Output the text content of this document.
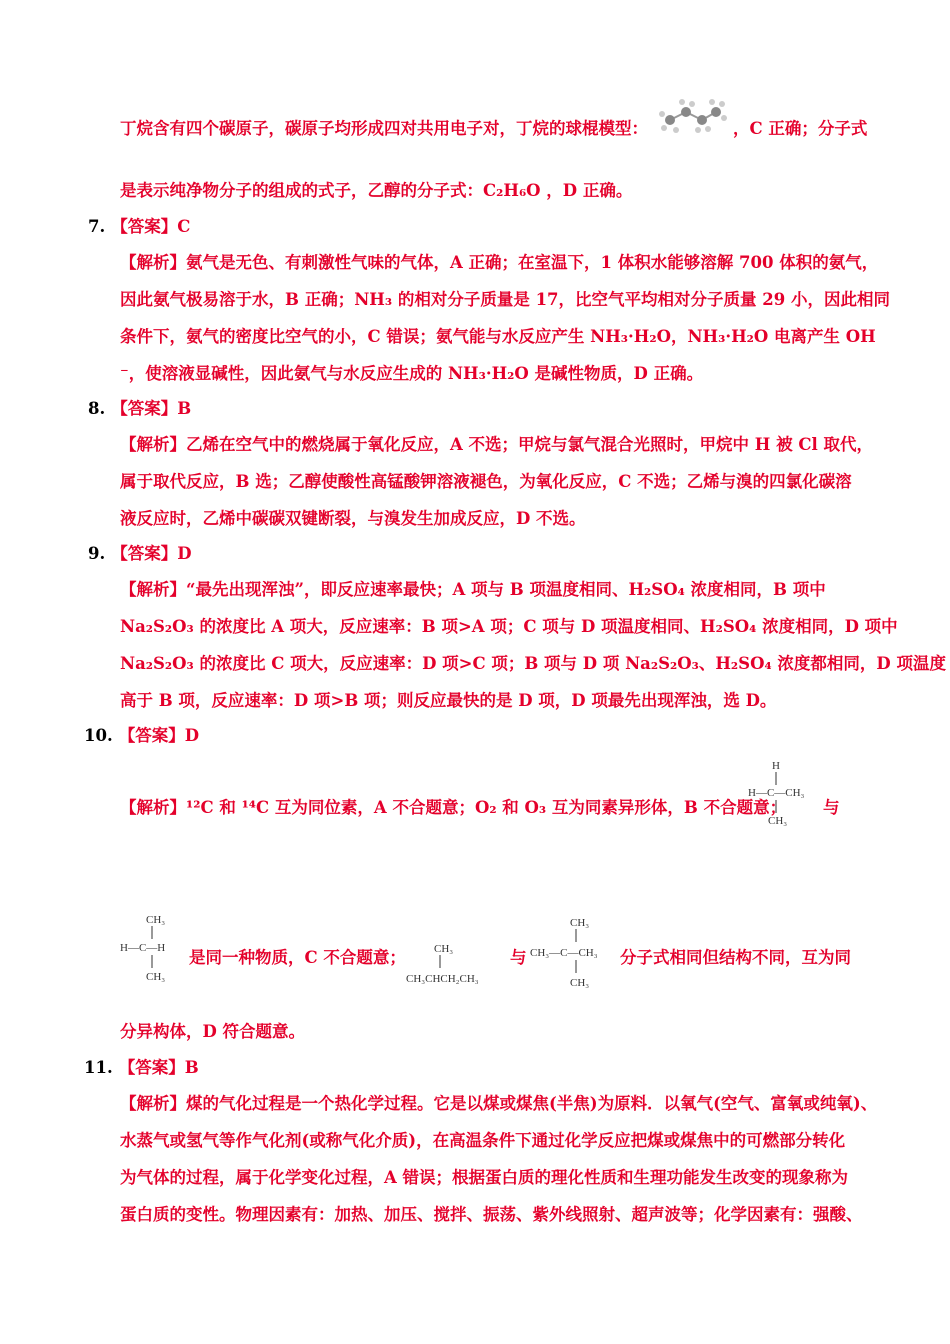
丁烷含有四个碳原子，碳原子均形成四对共用电子对，丁烷的球棍模型：	，C 正确；分子式
是表示纯净物分子的组成的式子，乙醇的分子式：C₂H₆O ，D 正确。
7. 【答案】C
【解析】氨气是无色、有刺激性气味的气体，A 正确；在室温下，1 体积水能够溶解 700 体积的氨气，
因此氨气极易溶于水，B 正确；NH₃ 的相对分子质量是 17，比空气平均相对分子质量 29 小，因此相同
条件下，氨气的密度比空气的小，C 错误；氨气能与水反应产生 NH₃·H₂O，NH₃·H₂O 电离产生 OH
⁻，使溶液显碱性，因此氨气与水反应生成的 NH₃·H₂O 是碱性物质，D 正确。
8. 【答案】B
【解析】乙烯在空气中的燃烧属于氧化反应，A 不选；甲烷与氯气混合光照时，甲烷中 H 被 Cl 取代，
属于取代反应，B 选；乙醇使酸性高锰酸钾溶液褪色，为氧化反应，C 不选；乙烯与溴的四氯化碳溶
液反应时，乙烯中碳碳双键断裂，与溴发生加成反应，D 不选。
9. 【答案】D
【解析】“最先出现浑浊”，即反应速率最快；A 项与 B 项温度相同、H₂SO₄ 浓度相同，B 项中
Na₂S₂O₃ 的浓度比 A 项大，反应速率：B 项>A 项；C 项与 D 项温度相同、H₂SO₄ 浓度相同，D 项中
Na₂S₂O₃ 的浓度比 C 项大，反应速率：D 项>C 项；B 项与 D 项 Na₂S₂O₃、H₂SO₄ 浓度都相同，D 项温度
高于 B 项，反应速率：D 项>B 项；则反应最快的是 D 项，D 项最先出现浑浊，选 D。
10. 【答案】D
【解析】¹²C 和 ¹⁴C 互为同位素，A 不合题意；O₂ 和 O₃ 互为同素异形体，B 不合题意；
H
H—C—CH₃
CH₃
与
CH₃
H—C—H
CH₃
是同一种物质，C 不合题意；	CH₃
CH₃CHCH₂CH₃
与
CH₃
CH₃—C—CH₃
CH₃
分子式相同但结构不同，互为同
分异构体，D 符合题意。
11. 【答案】B
【解析】煤的气化过程是一个热化学过程。它是以煤或煤焦(半焦)为原料．以氧气(空气、富氧或纯氧)、
水蒸气或氢气等作气化剂(或称气化介质)，在高温条件下通过化学反应把煤或煤焦中的可燃部分转化
为气体的过程，属于化学变化过程，A 错误；根据蛋白质的理化性质和生理功能发生改变的现象称为
蛋白质的变性。物理因素有：加热、加压、搅拌、振荡、紫外线照射、超声波等；化学因素有：强酸、
